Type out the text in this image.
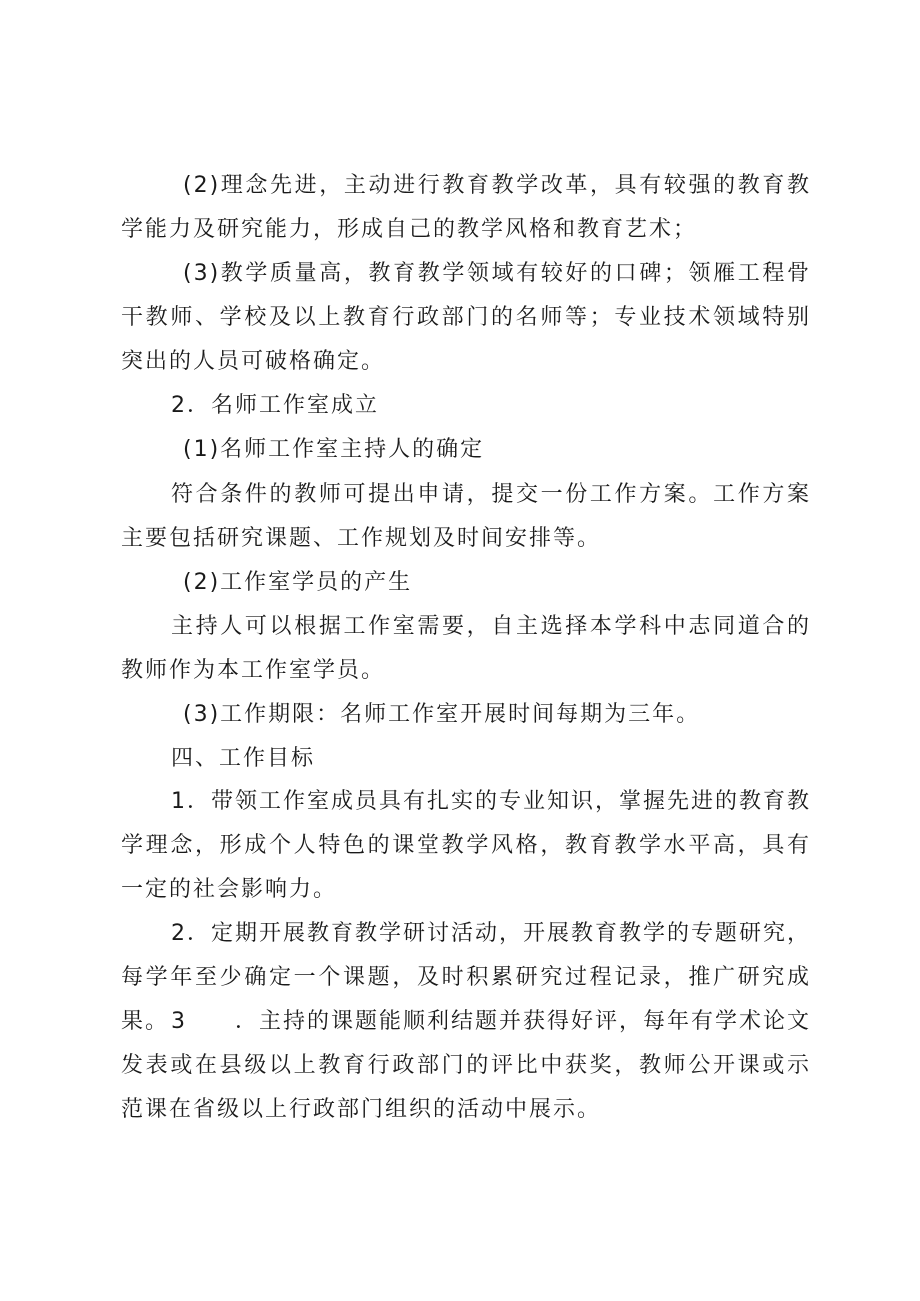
(2)理念先进，主动进行教育教学改革，具有较强的教育教学能力及研究能力，形成自己的教学风格和教育艺术；

(3)教学质量高，教育教学领域有较好的口碑；领雁工程骨干教师、学校及以上教育行政部门的名师等；专业技术领域特别突出的人员可破格确定。

2．名师工作室成立

(1)名师工作室主持人的确定

符合条件的教师可提出申请，提交一份工作方案。工作方案主要包括研究课题、工作规划及时间安排等。

(2)工作室学员的产生

主持人可以根据工作室需要，自主选择本学科中志同道合的教师作为本工作室学员。

(3)工作期限：名师工作室开展时间每期为三年。

四、工作目标

1．带领工作室成员具有扎实的专业知识，掌握先进的教育教学理念，形成个人特色的课堂教学风格，教育教学水平高，具有一定的社会影响力。

2．定期开展教育教学研讨活动，开展教育教学的专题研究，每学年至少确定一个课题，及时积累研究过程记录，推广研究成果。 3　　．主持的课题能顺利结题并获得好评，每年有学术论文发表或在县级以上教育行政部门的评比中获奖，教师公开课或示范课在省级以上行政部门组织的活动中展示。
